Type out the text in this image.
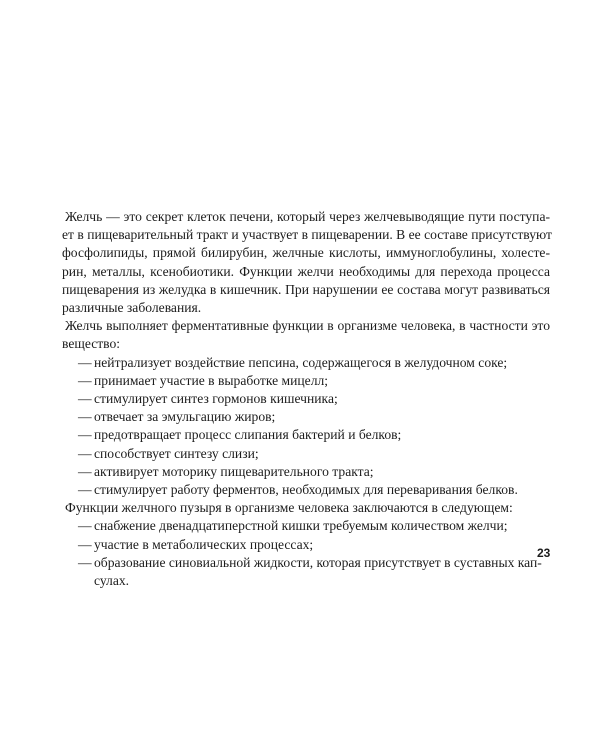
Желчь — это секрет клеток печени, который через желчевыводящие пути поступа-
ет в пищеварительный тракт и участвует в пищеварении. В ее составе присутствуют
фосфолипиды, прямой билирубин, желчные кислоты, иммуноглобулины, холесте-
рин, металлы, ксенобиотики. Функции желчи необходимы для перехода процесса
пищеварения из желудка в кишечник. При нарушении ее состава могут развиваться
различные заболевания.

Желчь выполняет ферментативные функции в организме человека, в частности это
вещество:

— нейтрализует воздействие пепсина, содержащегося в желудочном соке;
— принимает участие в выработке мицелл;
— стимулирует синтез гормонов кишечника;
— отвечает за эмульгацию жиров;
— предотвращает процесс слипания бактерий и белков;
— способствует синтезу слизи;
— активирует моторику пищеварительного тракта;
— стимулирует работу ферментов, необходимых для переваривания белков.

Функции желчного пузыря в организме человека заключаются в следующем:

— снабжение двенадцатиперстной кишки требуемым количеством желчи;
— участие в метаболических процессах;
— образование синовиальной жидкости, которая присутствует в суставных кап-
сулах.
23
